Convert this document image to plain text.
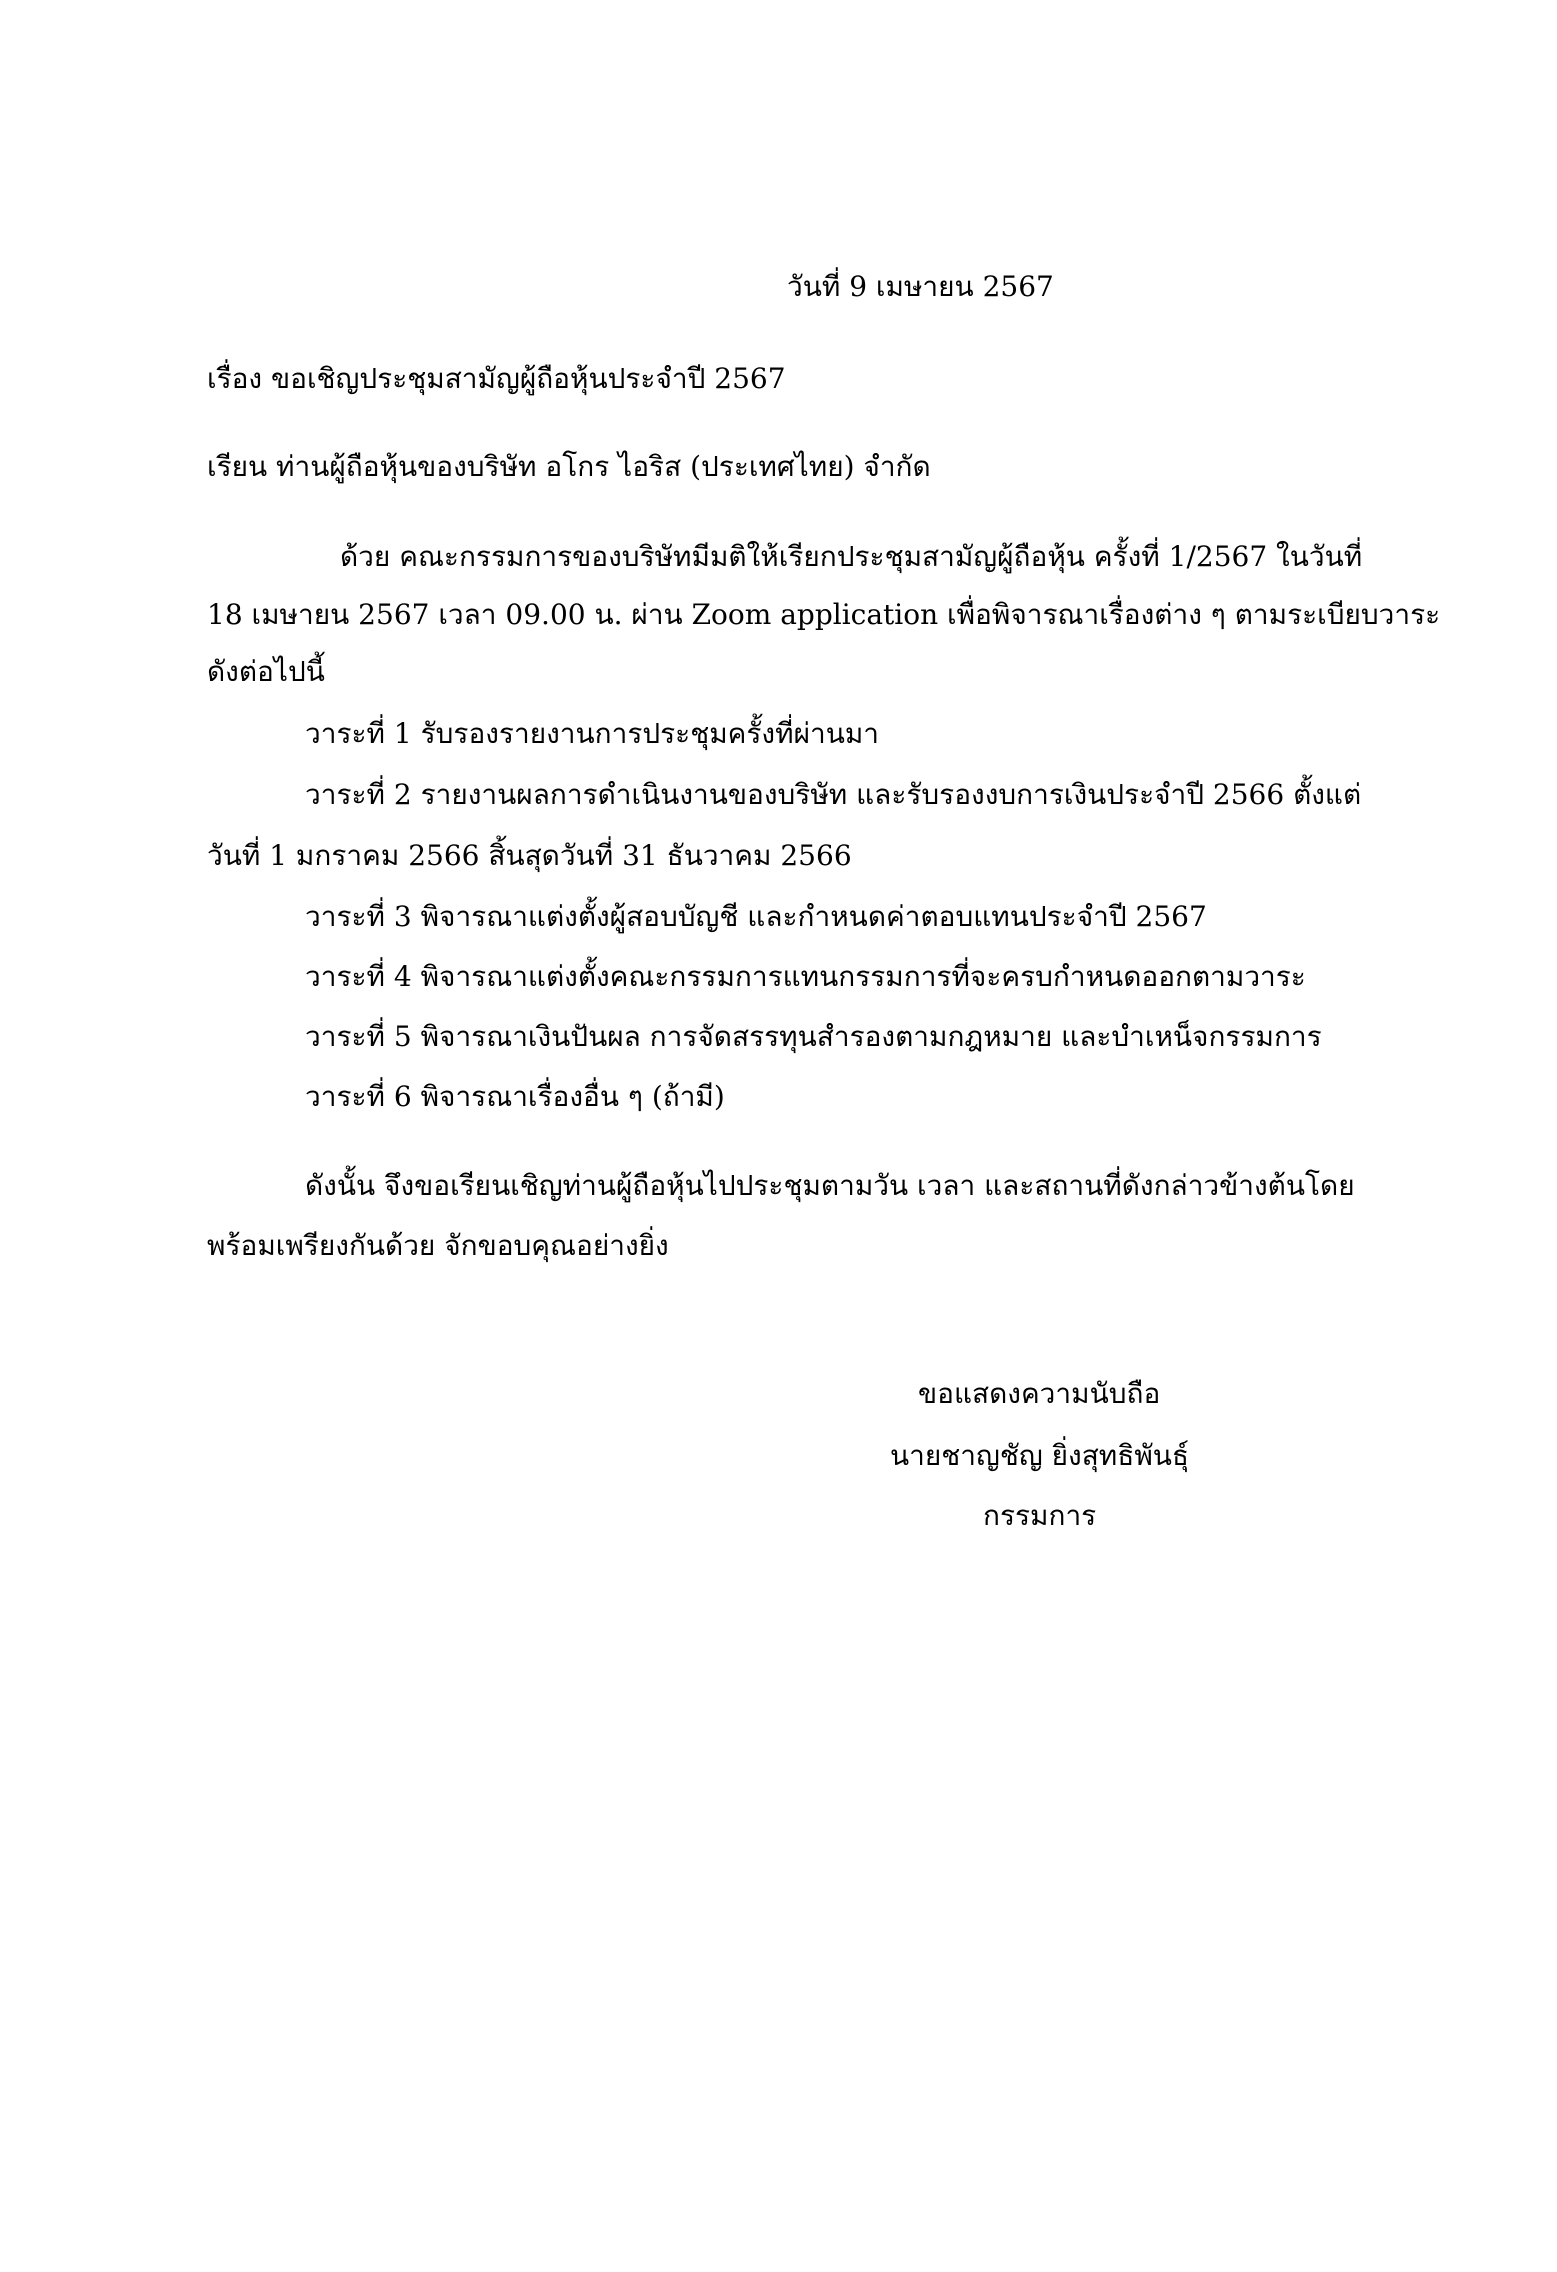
วันที่ 9 เมษายน 2567
เรื่อง ขอเชิญประชุมสามัญผู้ถือหุ้นประจำปี 2567
เรียน ท่านผู้ถือหุ้นของบริษัท อโกร ไอริส (ประเทศไทย) จำกัด
ด้วย คณะกรรมการของบริษัทมีมติให้เรียกประชุมสามัญผู้ถือหุ้น ครั้งที่ 1/2567 ในวันที่
18 เมษายน 2567 เวลา 09.00 น. ผ่าน Zoom application เพื่อพิจารณาเรื่องต่าง ๆ ตามระเบียบวาระ
ดังต่อไปนี้
วาระที่ 1 รับรองรายงานการประชุมครั้งที่ผ่านมา
วาระที่ 2 รายงานผลการดำเนินงานของบริษัท และรับรองงบการเงินประจำปี 2566 ตั้งแต่
วันที่ 1 มกราคม 2566 สิ้นสุดวันที่ 31 ธันวาคม 2566
วาระที่ 3 พิจารณาแต่งตั้งผู้สอบบัญชี และกำหนดค่าตอบแทนประจำปี 2567
วาระที่ 4 พิจารณาแต่งตั้งคณะกรรมการแทนกรรมการที่จะครบกำหนดออกตามวาระ
วาระที่ 5 พิจารณาเงินปันผล การจัดสรรทุนสำรองตามกฎหมาย และบำเหน็จกรรมการ
วาระที่ 6 พิจารณาเรื่องอื่น ๆ (ถ้ามี)
ดังนั้น จึงขอเรียนเชิญท่านผู้ถือหุ้นไปประชุมตามวัน เวลา และสถานที่ดังกล่าวข้างต้นโดย
พร้อมเพรียงกันด้วย จักขอบคุณอย่างยิ่ง
ขอแสดงความนับถือ
นายชาญชัญ ยิ่งสุทธิพันธุ์
กรรมการ
